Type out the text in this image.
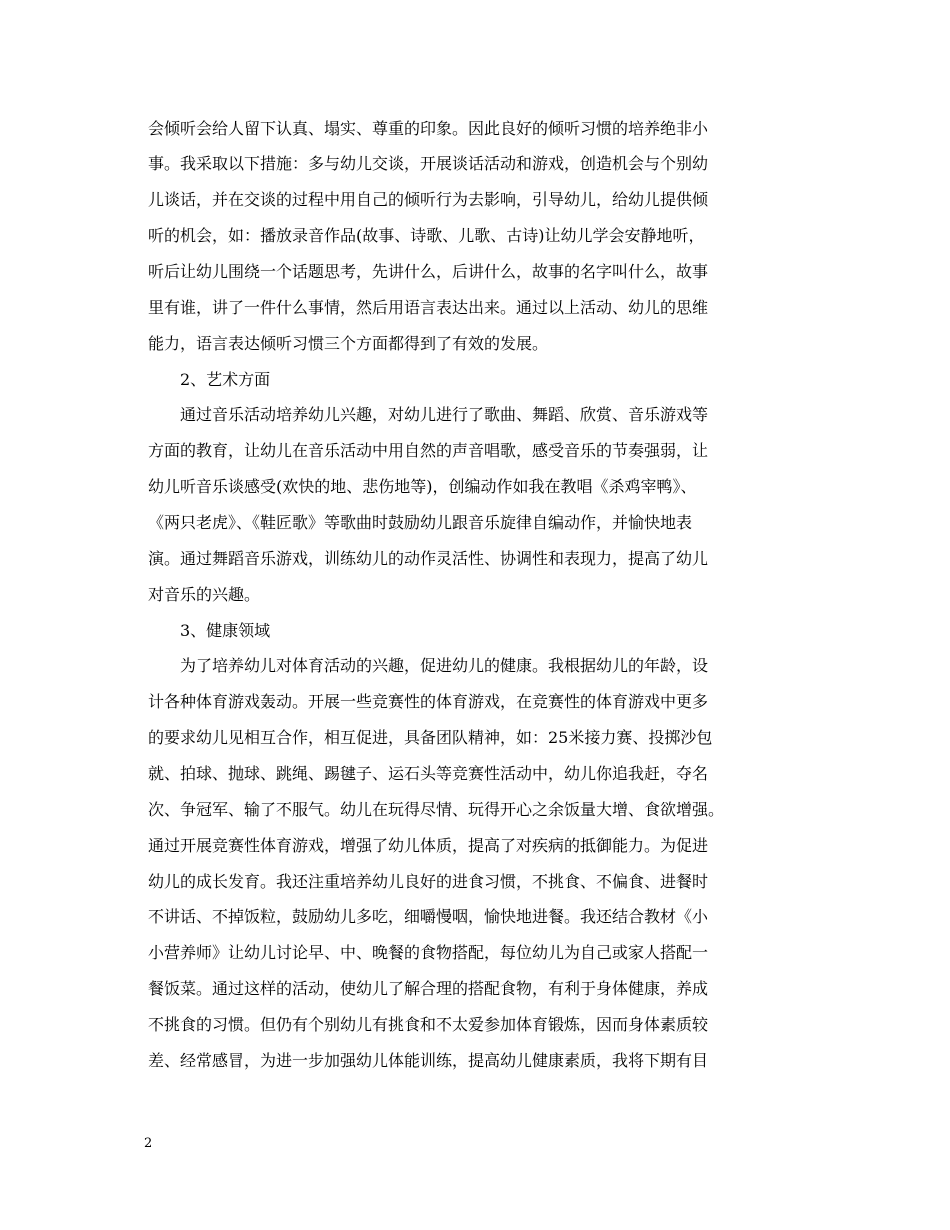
会倾听会给人留下认真、塌实、尊重的印象。因此良好的倾听习惯的培养绝非小
事。我采取以下措施：多与幼儿交谈，开展谈话活动和游戏，创造机会与个别幼
儿谈话，并在交谈的过程中用自己的倾听行为去影响，引导幼儿，给幼儿提供倾
听的机会，如：播放录音作品(故事、诗歌、儿歌、古诗)让幼儿学会安静地听，
听后让幼儿围绕一个话题思考，先讲什么，后讲什么，故事的名字叫什么，故事
里有谁，讲了一件什么事情，然后用语言表达出来。通过以上活动、幼儿的思维
能力，语言表达倾听习惯三个方面都得到了有效的发展。
2、艺术方面
通过音乐活动培养幼儿兴趣，对幼儿进行了歌曲、舞蹈、欣赏、音乐游戏等
方面的教育，让幼儿在音乐活动中用自然的声音唱歌，感受音乐的节奏强弱，让
幼儿听音乐谈感受(欢快的地、悲伤地等)，创编动作如我在教唱《杀鸡宰鸭》、
《两只老虎》、《鞋匠歌》等歌曲时鼓励幼儿跟音乐旋律自编动作，并愉快地表
演。通过舞蹈音乐游戏，训练幼儿的动作灵活性、协调性和表现力，提高了幼儿
对音乐的兴趣。
3、健康领域
为了培养幼儿对体育活动的兴趣，促进幼儿的健康。我根据幼儿的年龄，设
计各种体育游戏轰动。开展一些竞赛性的体育游戏，在竞赛性的体育游戏中更多
的要求幼儿见相互合作，相互促进，具备团队精神，如：25米接力赛、投掷沙包
就、拍球、抛球、跳绳、踢毽子、运石头等竞赛性活动中，幼儿你追我赶，夺名
次、争冠军、输了不服气。幼儿在玩得尽情、玩得开心之余饭量大增、食欲增强。
通过开展竞赛性体育游戏，增强了幼儿体质，提高了对疾病的抵御能力。为促进
幼儿的成长发育。我还注重培养幼儿良好的进食习惯，不挑食、不偏食、进餐时
不讲话、不掉饭粒，鼓励幼儿多吃，细嚼慢咽，愉快地进餐。我还结合教材《小
小营养师》让幼儿讨论早、中、晚餐的食物搭配，每位幼儿为自己或家人搭配一
餐饭菜。通过这样的活动，使幼儿了解合理的搭配食物，有利于身体健康，养成
不挑食的习惯。但仍有个别幼儿有挑食和不太爱参加体育锻炼，因而身体素质较
差、经常感冒，为进一步加强幼儿体能训练，提高幼儿健康素质，我将下期有目
2
